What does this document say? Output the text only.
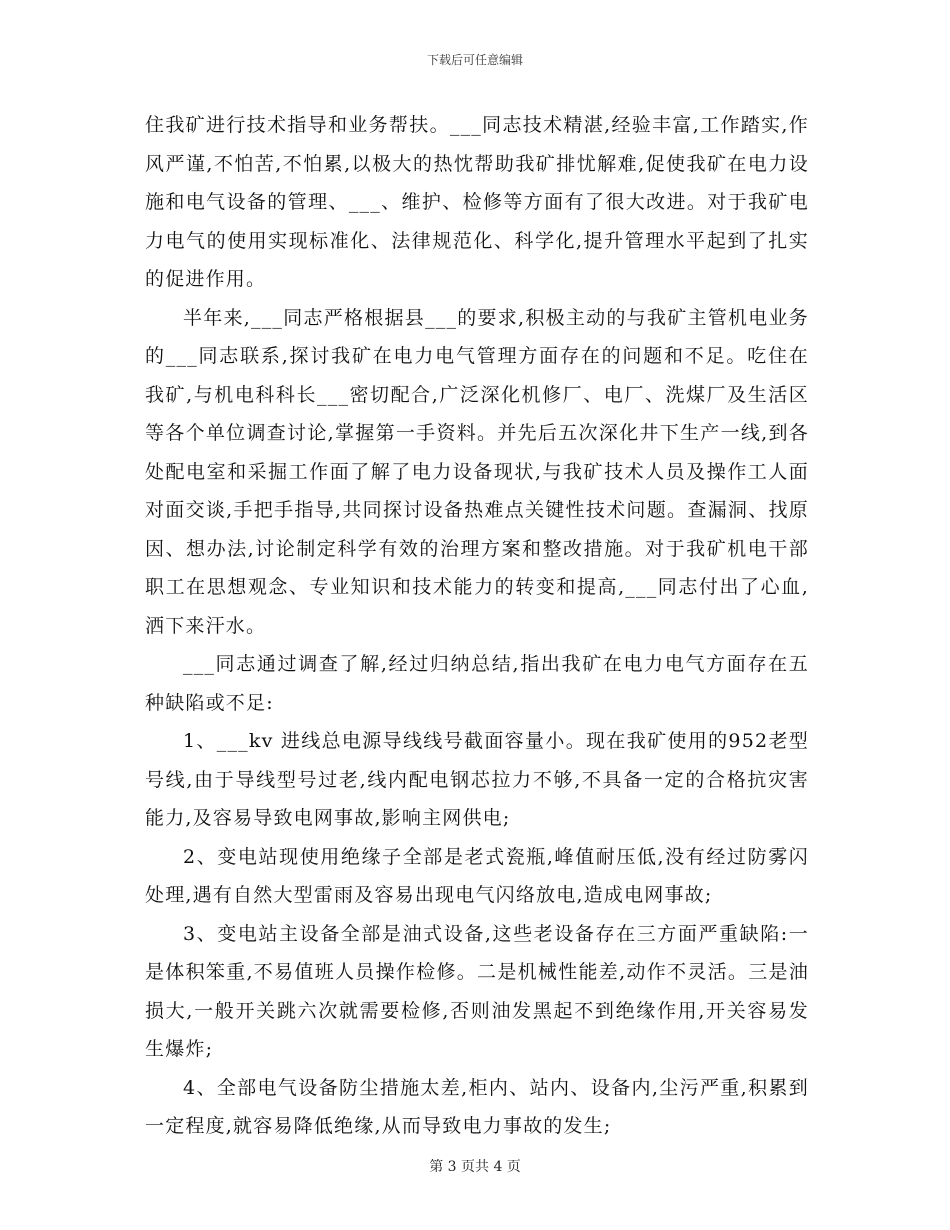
下载后可任意编辑

住我矿进行技术指导和业务帮扶。___同志技术精湛,经验丰富,工作踏实,作风严谨,不怕苦,不怕累,以极大的热忱帮助我矿排忧解难,促使我矿在电力设施和电气设备的管理、___、维护、检修等方面有了很大改进。对于我矿电力电气的使用实现标准化、法律规范化、科学化,提升管理水平起到了扎实的促进作用。

半年来,___同志严格根据县___的要求,积极主动的与我矿主管机电业务的___同志联系,探讨我矿在电力电气管理方面存在的问题和不足。吃住在我矿,与机电科科长___密切配合,广泛深化机修厂、电厂、洗煤厂及生活区等各个单位调查讨论,掌握第一手资料。并先后五次深化井下生产一线,到各处配电室和采掘工作面了解了电力设备现状,与我矿技术人员及操作工人面对面交谈,手把手指导,共同探讨设备热难点关键性技术问题。查漏洞、找原因、想办法,讨论制定科学有效的治理方案和整改措施。对于我矿机电干部职工在思想观念、专业知识和技术能力的转变和提高,___同志付出了心血,洒下来汗水。

___同志通过调查了解,经过归纳总结,指出我矿在电力电气方面存在五种缺陷或不足:

1、___kv 进线总电源导线线号截面容量小。现在我矿使用的952老型号线,由于导线型号过老,线内配电钢芯拉力不够,不具备一定的合格抗灾害能力,及容易导致电网事故,影响主网供电;

2、变电站现使用绝缘子全部是老式瓷瓶,峰值耐压低,没有经过防雾闪处理,遇有自然大型雷雨及容易出现电气闪络放电,造成电网事故;

3、变电站主设备全部是油式设备,这些老设备存在三方面严重缺陷:一是体积笨重,不易值班人员操作检修。二是机械性能差,动作不灵活。三是油损大,一般开关跳六次就需要检修,否则油发黑起不到绝缘作用,开关容易发生爆炸;

4、全部电气设备防尘措施太差,柜内、站内、设备内,尘污严重,积累到一定程度,就容易降低绝缘,从而导致电力事故的发生;

第 3 页共 4 页
